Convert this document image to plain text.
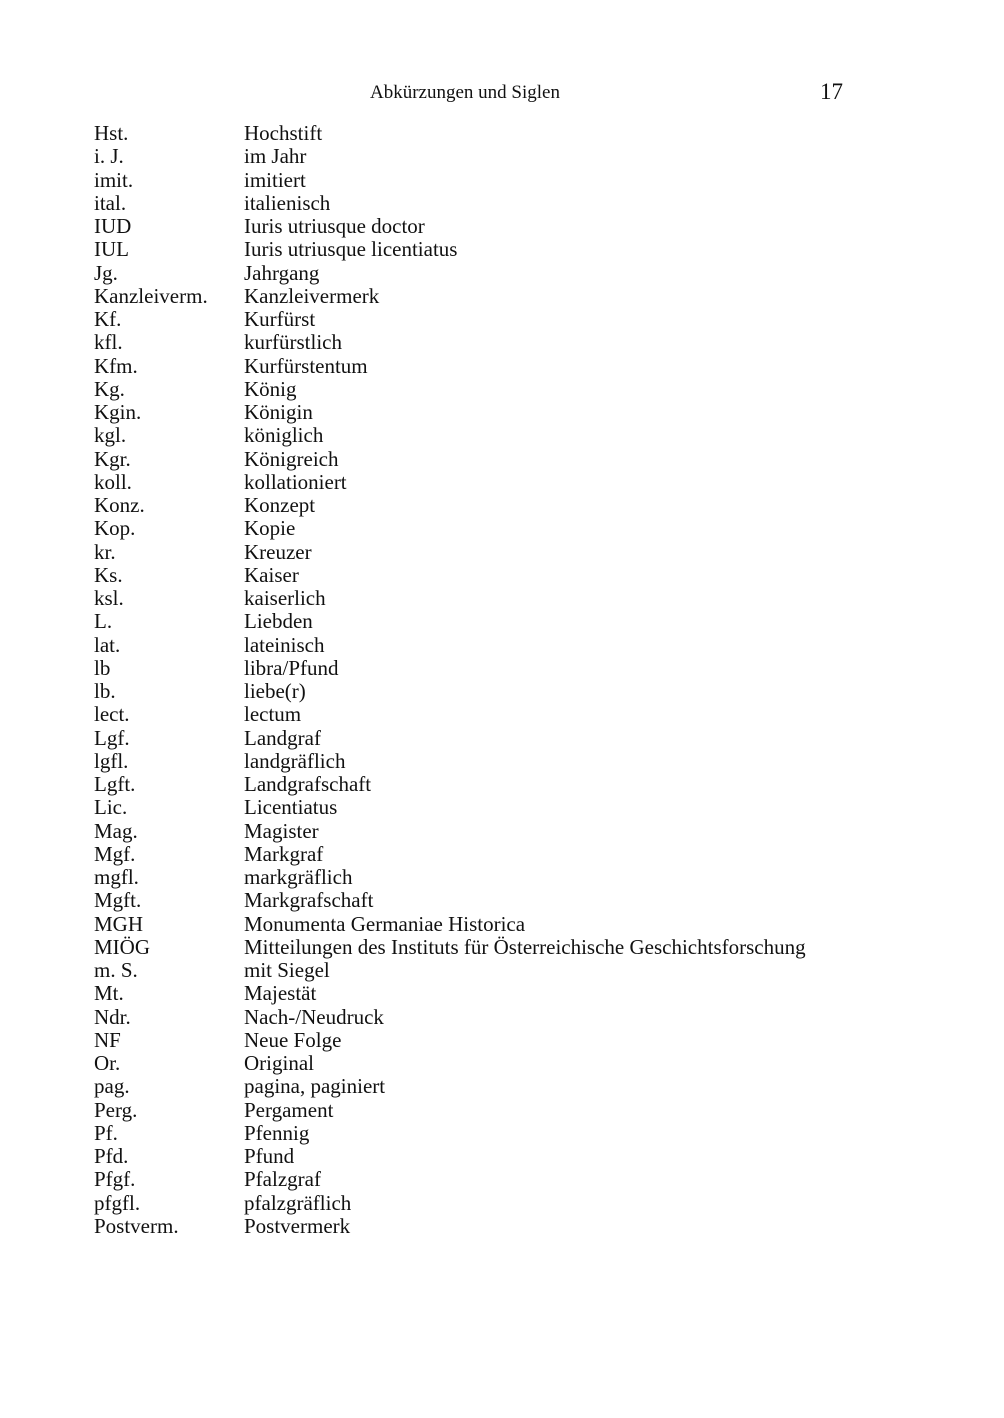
Abkürzungen und Siglen	17
Hst.	Hochstift
i. J.	im Jahr
imit.	imitiert
ital.	italienisch
IUD	Iuris utriusque doctor
IUL	Iuris utriusque licentiatus
Jg.	Jahrgang
Kanzleiverm. Kanzleivermerk
Kf.	Kurfürst
kfl.	kurfürstlich
Kfm.	Kurfürstentum
Kg.	König
Kgin.	Königin
kgl.	königlich
Kgr.	Königreich
koll.	kollationiert
Konz.	Konzept
Kop.	Kopie
kr.	Kreuzer
Ks.	Kaiser
ksl.	kaiserlich
L.	Liebden
lat.	lateinisch
lb	libra/Pfund
lb.	liebe(r)
lect.	lectum
Lgf.	Landgraf
lgfl.	landgräflich
Lgft.	Landgrafschaft
Lic.	Licentiatus
Mag.	Magister
Mgf.	Markgraf
mgfl.	markgräflich
Mgft.	Markgrafschaft
MGH	Monumenta Germaniae Historica
MIÖG	Mitteilungen des Instituts für Österreichische Geschichtsforschung
m. S.	mit Siegel
Mt.	Majestät
Ndr.	Nach-/Neudruck
NF	Neue Folge
Or.	Original
pag.	pagina, paginiert
Perg.	Pergament
Pf.	Pfennig
Pfd.	Pfund
Pfgf.	Pfalzgraf
pfgfl.	pfalzgräflich
Postverm.	Postvermerk
